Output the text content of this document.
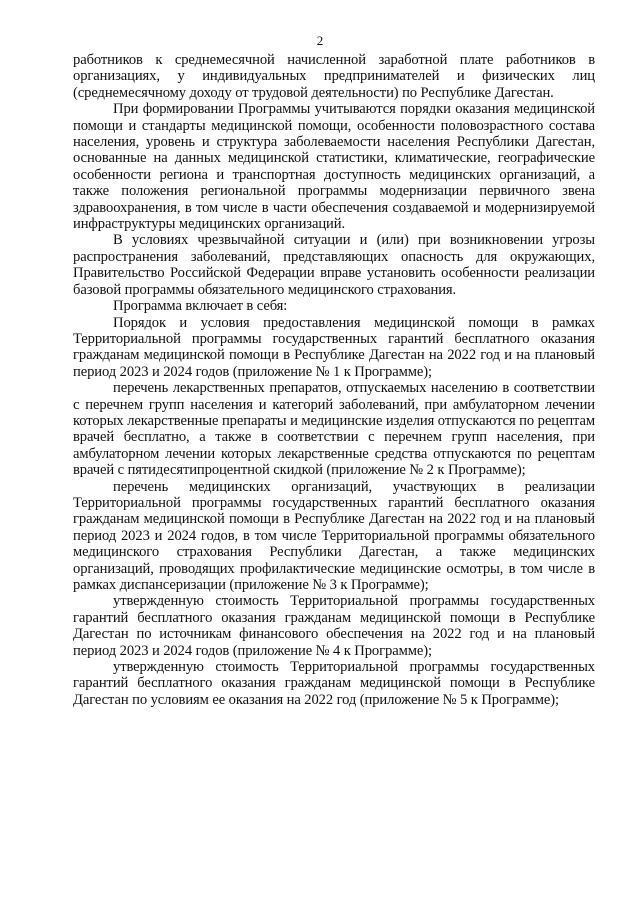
2

работников к среднемесячной начисленной заработной плате работников в организациях, у индивидуальных предпринимателей и физических лиц (среднемесячному доходу от трудовой деятельности) по Республике Дагестан.

При формировании Программы учитываются порядки оказания медицинской помощи и стандарты медицинской помощи, особенности половозрастного состава населения, уровень и структура заболеваемости населения Республики Дагестан, основанные на данных медицинской статистики, климатические, географические особенности региона и транспортная доступность медицинских организаций, а также положения региональной программы модернизации первичного звена здравоохранения, в том числе в части обеспечения создаваемой и модернизируемой инфраструктуры медицинских организаций.

В условиях чрезвычайной ситуации и (или) при возникновении угрозы распространения заболеваний, представляющих опасность для окружающих, Правительство Российской Федерации вправе установить особенности реализации базовой программы обязательного медицинского страхования.

Программа включает в себя:

Порядок и условия предоставления медицинской помощи в рамках Территориальной программы государственных гарантий бесплатного оказания гражданам медицинской помощи в Республике Дагестан на 2022 год и на плановый период 2023 и 2024 годов (приложение № 1 к Программе);

перечень лекарственных препаратов, отпускаемых населению в соответствии с перечнем групп населения и категорий заболеваний, при амбулаторном лечении которых лекарственные препараты и медицинские изделия отпускаются по рецептам врачей бесплатно, а также в соответствии с перечнем групп населения, при амбулаторном лечении которых лекарственные средства отпускаются по рецептам врачей с пятидесятипроцентной скидкой (приложение № 2 к Программе);

перечень медицинских организаций, участвующих в реализации Территориальной программы государственных гарантий бесплатного оказания гражданам медицинской помощи в Республике Дагестан на 2022 год и на плановый период 2023 и 2024 годов, в том числе Территориальной программы обязательного медицинского страхования Республики Дагестан, а также медицинских организаций, проводящих профилактические медицинские осмотры, в том числе в рамках диспансеризации (приложение № 3 к Программе);

утвержденную стоимость Территориальной программы государственных гарантий бесплатного оказания гражданам медицинской помощи в Республике Дагестан по источникам финансового обеспечения на 2022 год и на плановый период 2023 и 2024 годов (приложение № 4 к Программе);

утвержденную стоимость Территориальной программы государственных гарантий бесплатного оказания гражданам медицинской помощи в Республике Дагестан по условиям ее оказания на 2022 год (приложение № 5 к Программе);
